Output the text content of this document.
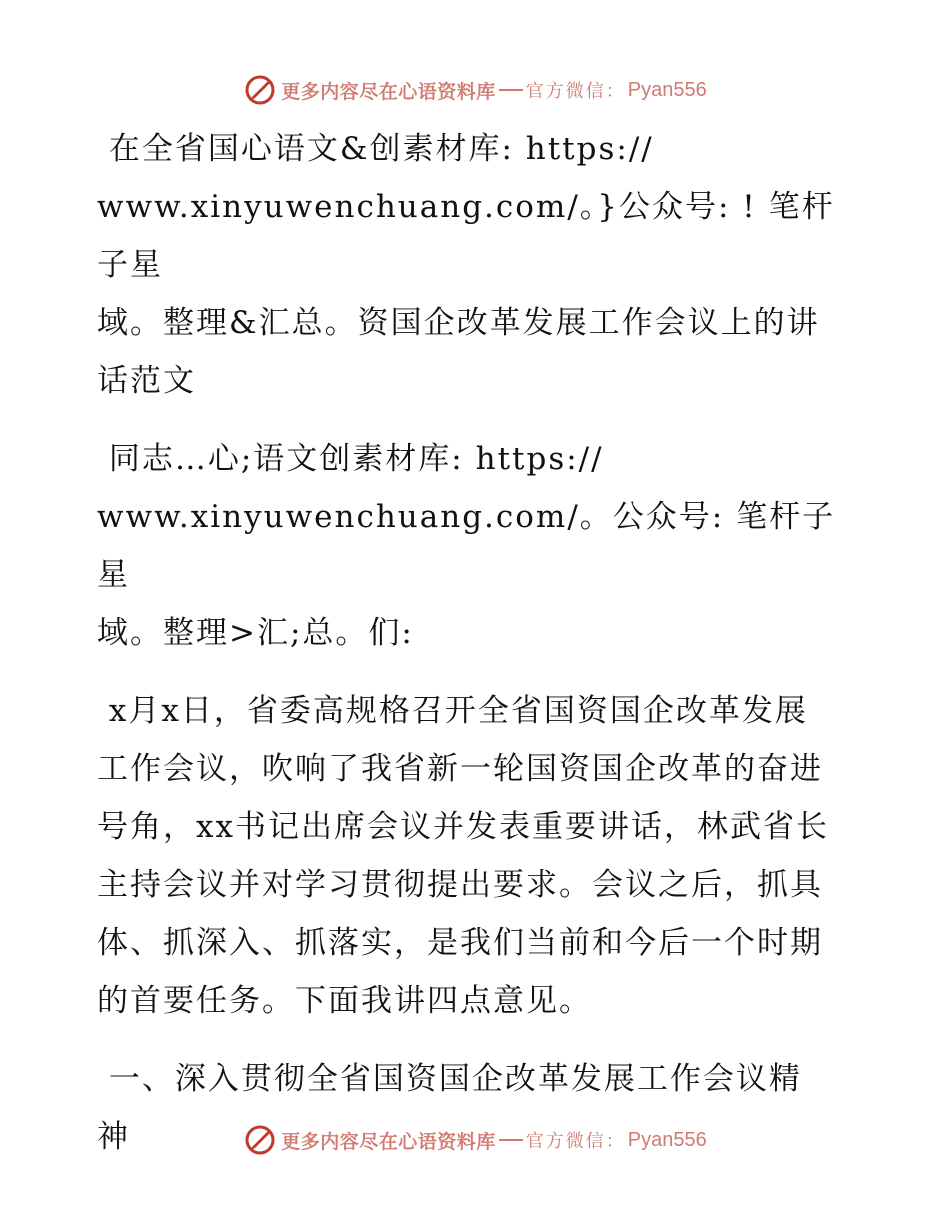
更多内容尽在心语资料库 官方微信： Pyan556

在全省国心语文&创素材库: https://
www.xinyuwenchuang.com/。}公众号: ! 笔杆子星
域。整理&汇总。资国企改革发展工作会议上的讲
话范文

同志…心;语文创素材库: https://
www.xinyuwenchuang.com/。公众号: 笔杆子星
域。整理>汇;总。们:

x月x日，省委高规格召开全省国资国企改革发展
工作会议，吹响了我省新一轮国资国企改革的奋进
号角，xx书记出席会议并发表重要讲话，林武省长
主持会议并对学习贯彻提出要求。会议之后，抓具
体、抓深入、抓落实，是我们当前和今后一个时期
的首要任务。下面我讲四点意见。

一、深入贯彻全省国资国企改革发展工作会议精
神	更多内容尽在心语资料库 官方微信： Pyan556
